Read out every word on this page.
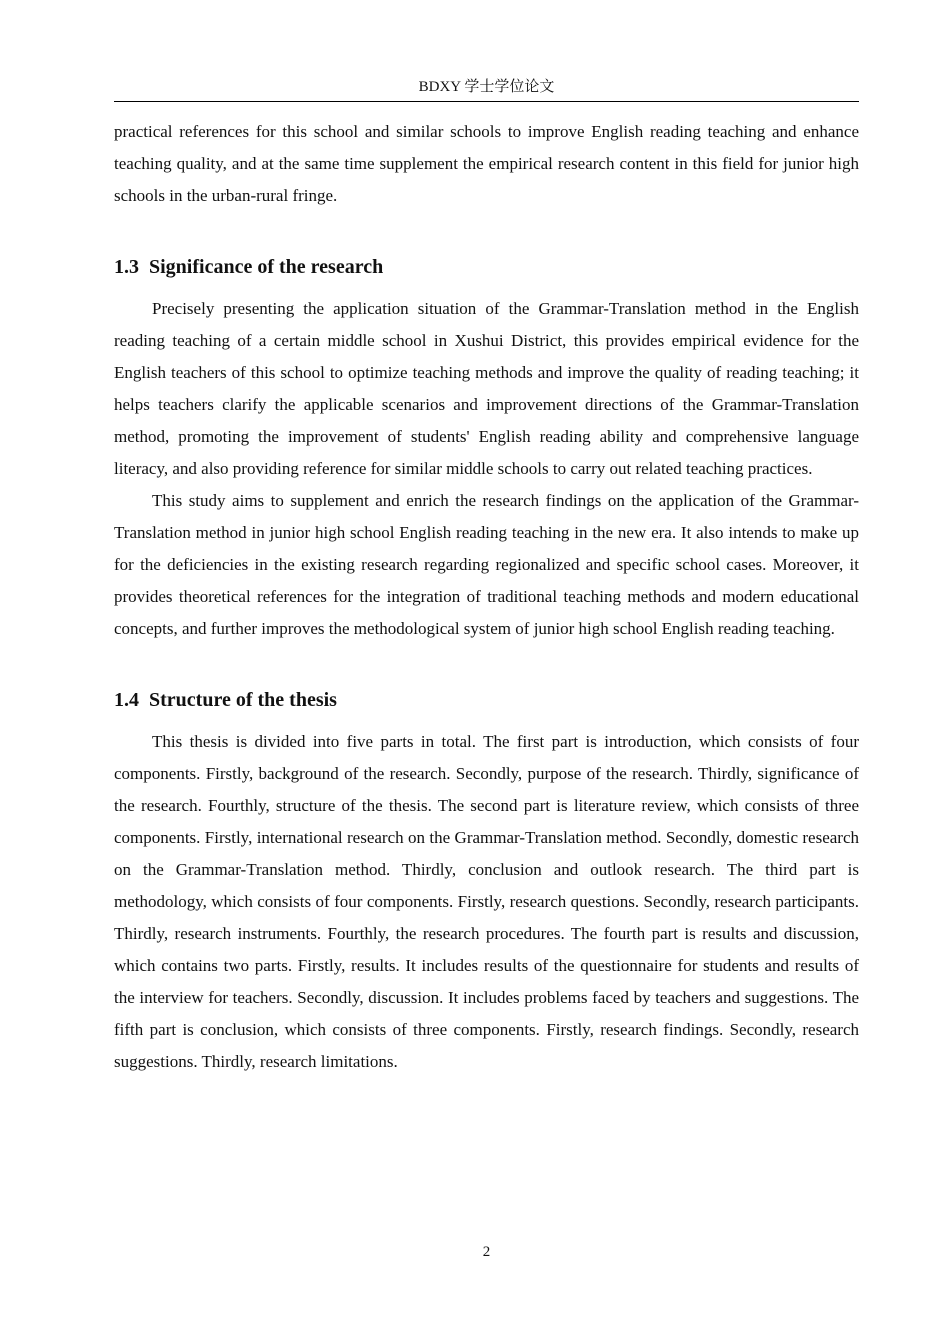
BDXY 学士学位论文

practical references for this school and similar schools to improve English reading teaching and enhance teaching quality, and at the same time supplement the empirical research content in this field for junior high schools in the urban-rural fringe.

1.3 Significance of the research

Precisely presenting the application situation of the Grammar-Translation method in the English reading teaching of a certain middle school in Xushui District, this provides empirical evidence for the English teachers of this school to optimize teaching methods and improve the quality of reading teaching; it helps teachers clarify the applicable scenarios and improvement directions of the Grammar-Translation method, promoting the improvement of students' English reading ability and comprehensive language literacy, and also providing reference for similar middle schools to carry out related teaching practices.

This study aims to supplement and enrich the research findings on the application of the Grammar-Translation method in junior high school English reading teaching in the new era. It also intends to make up for the deficiencies in the existing research regarding regionalized and specific school cases. Moreover, it provides theoretical references for the integration of traditional teaching methods and modern educational concepts, and further improves the methodological system of junior high school English reading teaching.

1.4 Structure of the thesis

This thesis is divided into five parts in total. The first part is introduction, which consists of four components. Firstly, background of the research. Secondly, purpose of the research. Thirdly, significance of the research. Fourthly, structure of the thesis. The second part is literature review, which consists of three components. Firstly, international research on the Grammar-Translation method. Secondly, domestic research on the Grammar-Translation method. Thirdly, conclusion and outlook research. The third part is methodology, which consists of four components. Firstly, research questions. Secondly, research participants. Thirdly, research instruments. Fourthly, the research procedures. The fourth part is results and discussion, which contains two parts. Firstly, results. It includes results of the questionnaire for students and results of the interview for teachers. Secondly, discussion. It includes problems faced by teachers and suggestions. The fifth part is conclusion, which consists of three components. Firstly, research findings. Secondly, research suggestions. Thirdly, research limitations.

2
